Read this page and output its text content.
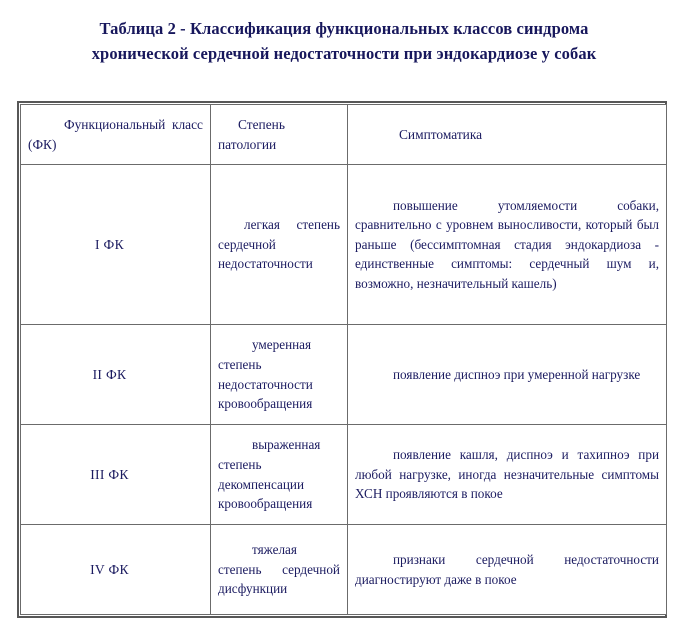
Таблица 2 - Классификация функциональных классов синдрома хронической сердечной недостаточности при эндокардиозе у собак

Функциональный класс (ФК)	Степень патологии	Симптоматика

I ФК	легкая степень сердечной недостаточности	повышение утомляемости собаки, сравнительно с уровнем выносливости, который был раньше (бессимптомная стадия эндокардиоза - единственные симптомы: сердечный шум и, возможно, незначительный кашель)

II ФК	умеренная степень недостаточности кровообращения	появление диспноэ при умеренной нагрузке

III ФК	выраженная степень декомпенсации кровообращения	появление кашля, диспноэ и тахипноэ при любой нагрузке, иногда незначительные симптомы ХСН проявляются в покое

IV ФК	тяжелая степень сердечной дисфункции	признаки сердечной недостаточности диагностируют даже в покое
